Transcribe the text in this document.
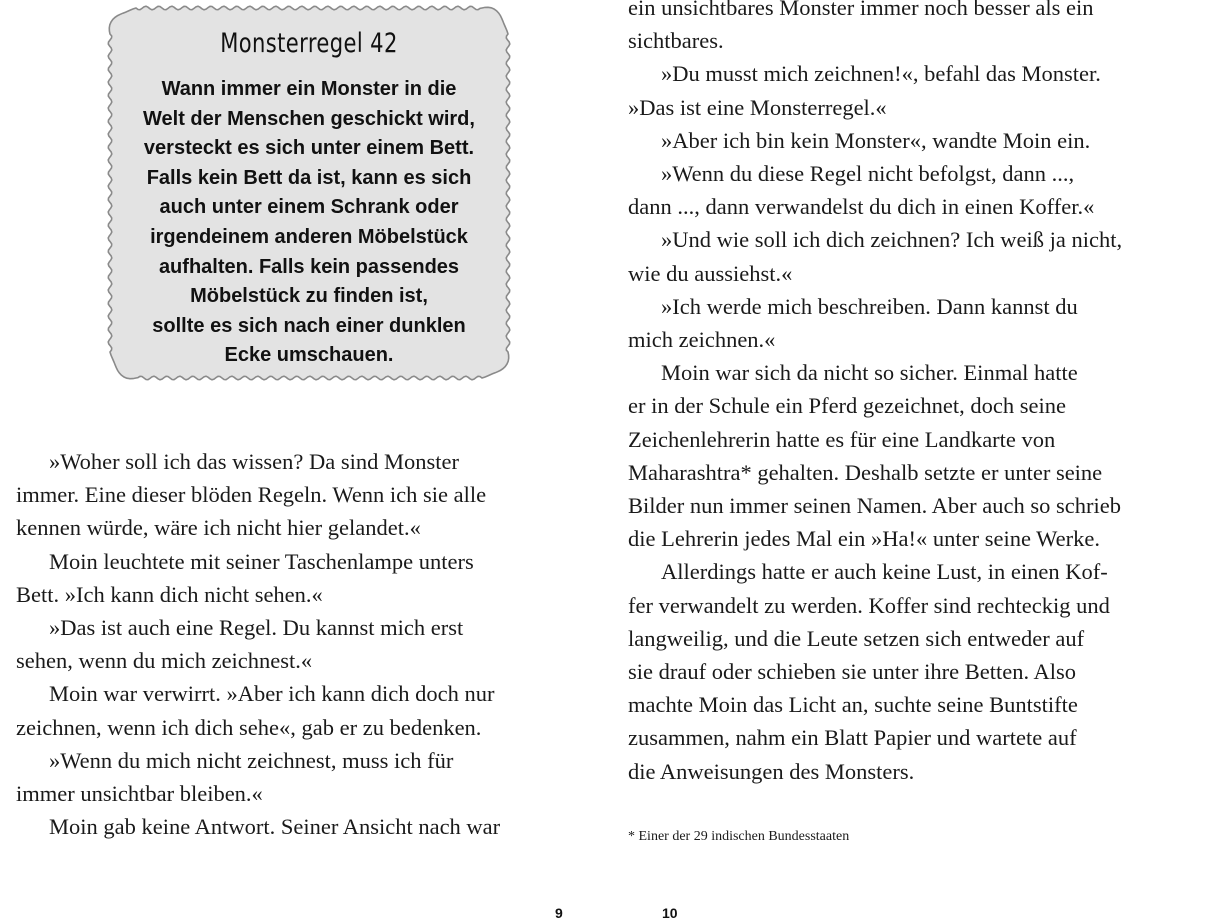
Monsterregel 42
Wann immer ein Monster in die
Welt der Menschen geschickt wird,
versteckt es sich unter einem Bett.
Falls kein Bett da ist, kann es sich
auch unter einem Schrank oder
irgendeinem anderen Möbelstück
aufhalten. Falls kein passendes
Möbelstück zu finden ist,
sollte es sich nach einer dunklen
Ecke umschauen.
»Woher soll ich das wissen? Da sind Monster
immer. Eine dieser blöden Regeln. Wenn ich sie alle
kennen würde, wäre ich nicht hier gelandet.«
Moin leuchtete mit seiner Taschenlampe unters
Bett. »Ich kann dich nicht sehen.«
»Das ist auch eine Regel. Du kannst mich erst
sehen, wenn du mich zeichnest.«
Moin war verwirrt. »Aber ich kann dich doch nur
zeichnen, wenn ich dich sehe«, gab er zu bedenken.
»Wenn du mich nicht zeichnest, muss ich für
immer unsichtbar bleiben.«
Moin gab keine Antwort. Seiner Ansicht nach war
9
ein unsichtbares Monster immer noch besser als ein
sichtbares.
»Du musst mich zeichnen!«, befahl das Monster.
»Das ist eine Monsterregel.«
»Aber ich bin kein Monster«, wandte Moin ein.
»Wenn du diese Regel nicht befolgst, dann ...,
dann ..., dann verwandelst du dich in einen Koffer.«
»Und wie soll ich dich zeichnen? Ich weiß ja nicht,
wie du aussiehst.«
»Ich werde mich beschreiben. Dann kannst du
mich zeichnen.«
Moin war sich da nicht so sicher. Einmal hatte
er in der Schule ein Pferd gezeichnet, doch seine
Zeichenlehrerin hatte es für eine Landkarte von
Maharashtra* gehalten. Deshalb setzte er unter seine
Bilder nun immer seinen Namen. Aber auch so schrieb
die Lehrerin jedes Mal ein »Ha!« unter seine Werke.
Allerdings hatte er auch keine Lust, in einen Kof-
fer verwandelt zu werden. Koffer sind rechteckig und
langweilig, und die Leute setzen sich entweder auf
sie drauf oder schieben sie unter ihre Betten. Also
machte Moin das Licht an, suchte seine Buntstifte
zusammen, nahm ein Blatt Papier und wartete auf
die Anweisungen des Monsters.
* Einer der 29 indischen Bundesstaaten
10
